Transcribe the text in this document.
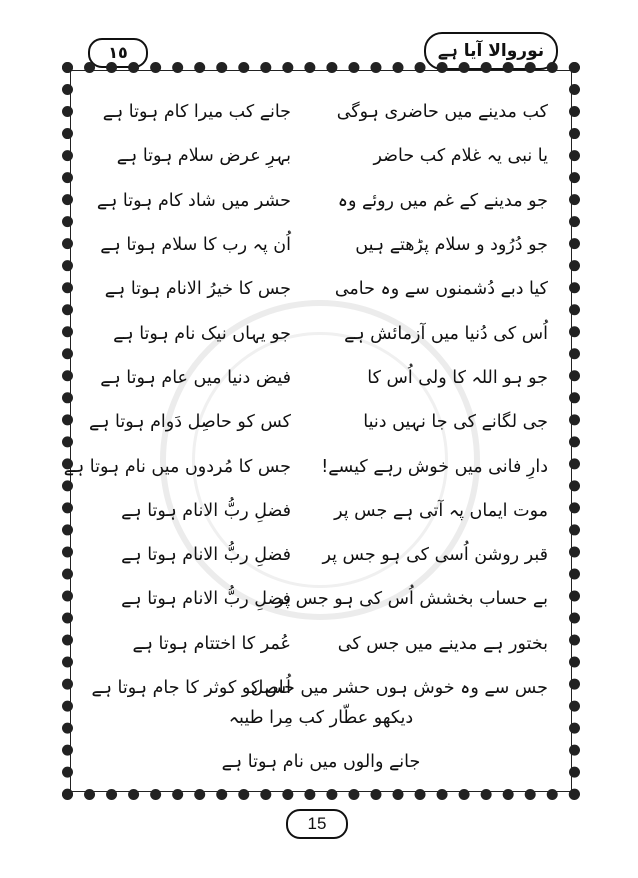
١٥	نوروالا آیا ہے
کب مدینے میں حاضری ہوگی
جانے کب میرا کام ہوتا ہے
یا نبی یہ غلام کب حاضر
بہرِ عرض سلام ہوتا ہے
جو مدینے کے غم میں روئے وہ
حشر میں شاد کام ہوتا ہے
جو دُرُود و سلام پڑھتے ہیں
اُن پہ رب کا سلام ہوتا ہے
کیا دبے دُشمنوں سے وہ حامی
جس کا خیرُ الانام ہوتا ہے
اُس کی دُنیا میں آزمائش ہے
جو یہاں نیک نام ہوتا ہے
جو ہو اللہ کا ولی اُس کا
فیض دنیا میں عام ہوتا ہے
جی لگانے کی جا نہیں دنیا
کس کو حاصِل دَوام ہوتا ہے
دارِ فانی میں خوش رہے کیسے!
جس کا مُردوں میں نام ہوتا ہے
موت ایماں پہ آتی ہے جس پر
فضلِ ربُّ الانام ہوتا ہے
قبر روشن اُسی کی ہو جس پر
فضلِ ربُّ الانام ہوتا ہے
بے حساب بخشش اُس کی ہو جس پر
فضلِ ربُّ الانام ہوتا ہے
بختور ہے مدینے میں جس کی
عُمر کا اختتام ہوتا ہے
جس سے وہ خوش ہوں حشر میں حاصل
اُس کو کوثر کا جام ہوتا ہے
دیکھو عطّار کب مِرا طیبہ
جانے والوں میں نام ہوتا ہے
15
